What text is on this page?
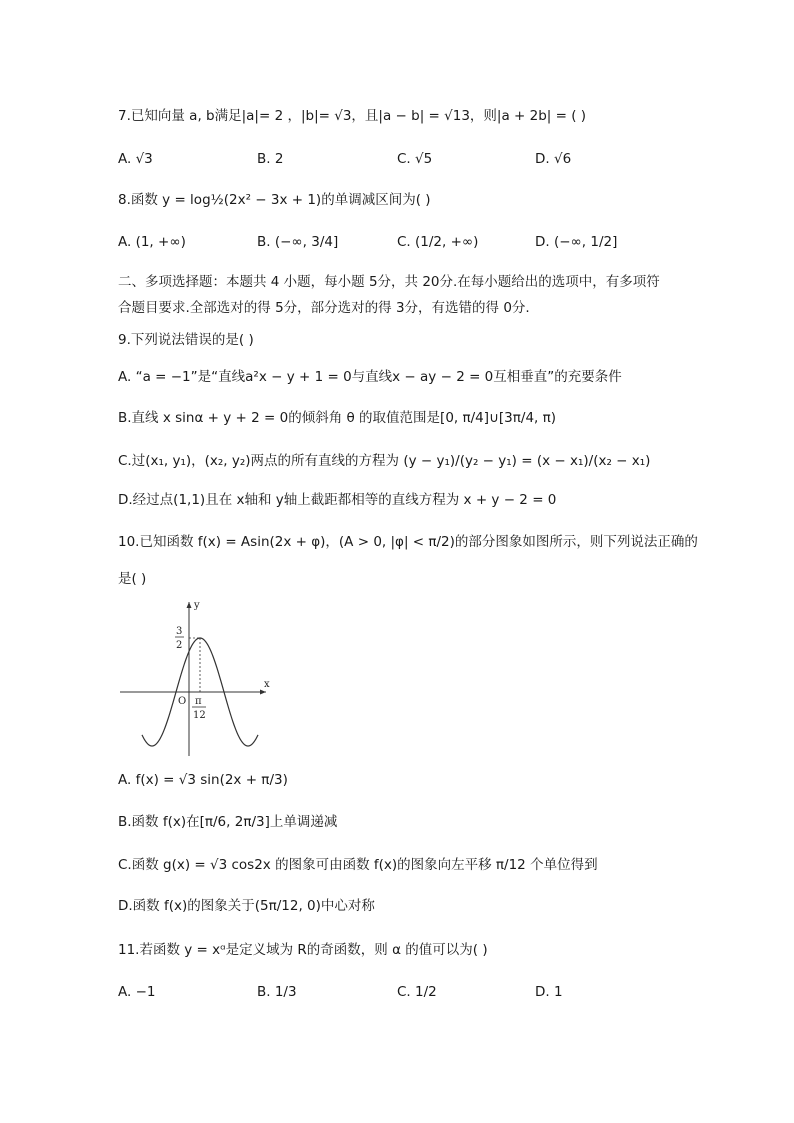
7.已知向量 a, b满足|a|= 2 ，|b|= √3，且|a − b| = √13，则|a + 2b| = ( )
A. √3	B. 2	C. √5	D. √6
8.函数 y = log½(2x² − 3x + 1)的单调减区间为( )
A. (1, +∞)	B. (−∞, 3/4]	C. (1/2, +∞)	D. (−∞, 1/2]
二、多项选择题：本题共 4 小题，每小题 5分，共 20分.在每小题给出的选项中，有多项符
合题目要求.全部选对的得 5分，部分选对的得 3分，有选错的得 0分.
9.下列说法错误的是( )
A. “a = −1”是“直线a²x − y + 1 = 0与直线x − ay − 2 = 0互相垂直”的充要条件
B.直线 x sinα + y + 2 = 0的倾斜角 θ 的取值范围是[0, π/4]∪[3π/4, π)
C.过(x₁, y₁)，(x₂, y₂)两点的所有直线的方程为 (y − y₁)/(y₂ − y₁) = (x − x₁)/(x₂ − x₁)
D.经过点(1,1)且在 x轴和 y轴上截距都相等的直线方程为 x + y − 2 = 0
10.已知函数 f(x) = Asin(2x + φ)，(A > 0, |φ| < π/2)的部分图象如图所示，则下列说法正确的
是( )
y
x
O
3
2
π
12
A. f(x) = √3 sin(2x + π/3)
B.函数 f(x)在[π/6, 2π/3]上单调递减
C.函数 g(x) = √3 cos2x 的图象可由函数 f(x)的图象向左平移 π/12 个单位得到
D.函数 f(x)的图象关于(5π/12, 0)中心对称
11.若函数 y = xᵅ是定义域为 R的奇函数，则 α 的值可以为( )
A. −1	B. 1/3	C. 1/2	D. 1
